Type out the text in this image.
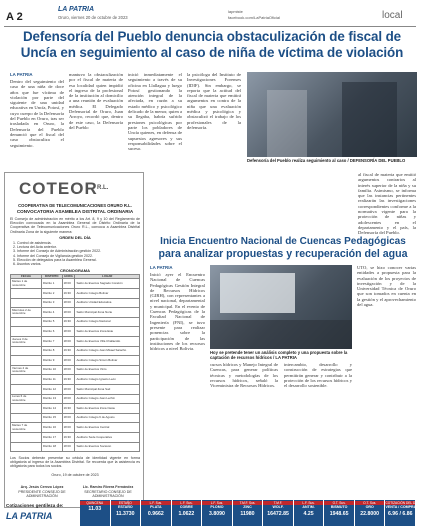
A 2
LA PATRIA
Oruro, viernes 20 de octubre de 2023
lapmiste
facebook.com/LaPatriaOficial	local
Defensoría del Pueblo denuncia obstaculización de fiscal de Uncía en seguimiento al caso de niña de víctima de violación
LA PATRIA

Dentro del seguimiento del caso de una niña de doce años que fue víctima de violación por parte del siguiente de una unidad educativa en Uncía, Potosí, y cuyo cuerpo de la Defensoría del Pueblo en Oruro, tras ser trasladada en Oruro, la Defensoría del Pueblo denunció que el fiscal del caso obstaculiza el seguimiento.

mantuvo la obstaculización por el fiscal de materia de esa localidad quien impidió el ingreso de la profesional de la institución al domicilio a una reunión de evaluación médica. El Delegado Defensorial de Oruro, Juan Arroyo, recordó que, dentro de este caso, la Defensoría del Pueblo

inició inmediatamente el seguimiento a través de su oficina en Llallagua y luego Potosí gestionando la atención integral de la afectada, en razón a su estado médico y psicológico delicado de la menor, quien a su llegaba, habría sufrido presiones psicológicas por parte los pobladores de Uncía quienes, en defensa de supuestos agresores y sus responsabilidades sobre el suceso.

la psicóloga del Instituto de Investigaciones Forenses (IDIF). Sin embargo, se reporta que la actitud del fiscal de materia que emitirá argumentos en contra de la niña que una evaluación médica y psicológica y obstaculizó el trabajo de los profesionales de la defensoría.

Defensoría del Pueblo realiza seguimiento al caso / DEFENSORÍA DEL PUEBLO

al fiscal de materia que emitió argumentos contrarios al interés superior de la niña y su familia. Asimismo, se informa que las instancias pertinentes realizarán las investigaciones correspondientes conforme a la normativa vigente para la protección de niñas y adolescentes en el departamento y el país, la Defensoría del Pueblo.

COTEOR R.L.
COOPERATIVA DE TELECOMUNICACIONES ORURO R.L.
CONVOCATORIA ASAMBLEA DISTRITAL ORDINARIA
El Consejo de administración en mérito a los Art. 8, 9 y 10 del Reglamento de Elección convocada en la Asamblea General de Distrito Ordinaria de la Cooperativa de Telecomunicaciones Oruro R.L., convoca a Asamblea Distrital Ordinaria Zona de la siguiente manera:
ORDEN DEL DÍA
1. Control de asistencia.
2. Lectura del Acta anterior.
3. Informe del Consejo de Administración gestión 2022.
4. Informe del Consejo de Vigilancia gestión 2022.
5. Elección de delegados para la Asamblea General.
6. Asuntos varios.
CRONOGRAMA
FECHA	DISTRITO	HORA	LUGAR
Martes 1 de noviembre	Distrito 1	18:00	Salón de Eventos Sagrado Corazón
	Distrito 2	19:30	Auditorio Colegio Bolívar
	Distrito 3	18:00	Auditorio Unidad Educativa
Miércoles 2 de noviembre	Distrito 4	18:00	Salón Municipal Zona Norte
	Distrito 5	19:30	Auditorio Colegio Nacional
	Distrito 6	18:00	Salón de Eventos Zona Este
Jueves 3 de noviembre	Distrito 7	18:00	Salón de Eventos Villa Challacollo
	Distrito 8	19:30	Auditorio Colegio Juan Misael Saracho
	Distrito 9	18:00	Auditorio Colegio Simón Bolívar
Viernes 4 de noviembre	Distrito 10	18:00	Salón de Eventos Vinto
	Distrito 11	19:30	Auditorio Colegio Ignacio León
	Distrito 12	18:00	Salón Municipal Zona Sud
Lunes 6 de noviembre	Distrito 13	18:00	Auditorio Colegio Juan Lechín
	Distrito 14	19:30	Salón de Eventos Zona Oeste
	Distrito 15	18:00	Auditorio Colegio 6 de Agosto
Martes 7 de noviembre	Distrito 16	18:00	Salón de Eventos Central
	Distrito 17	19:30	Auditorio Sede Cooperativa
	Distrito 18	18:00	Salón de Eventos Socavón
Los Socios deberán presentar su cédula de identidad vigente en forma obligatoria al ingreso de la Asamblea Distrital. Se recuerda que la asistencia es obligatoria para todos los socios.
Oruro, 19 de octubre de 2023
Arq. Jesús Cerezo López
PRESIDENTE CONSEJO DE ADMINISTRACIÓN
Lic. Ramiro Rivera Fernández
SECRETARIO CONSEJO DE ADMINISTRACIÓN
Inicia Encuentro Nacional de Cuencas Pedagógicas
para analizar propuestas y recuperación del agua
LA PATRIA

Inició ayer el Encuentro Nacional de Cuencas Pedagógicas Gestión Integral de Recursos Hídricos (GIRH), con representantes a nivel nacional, departamental y municipal. En el evento de Cuencas Pedagógicas de la Facultad Nacional de Ingeniería (FNI), se tuvo presente para realizar ponencias sobre la participación de las instituciones de los recursos hídricos a nivel Bolivia.

Hoy se pretende tener un análisis completo y una propuesta sobre la captación de recursos hídricos / LA PATRIA

cursos hídricos y Manejo Integral de Cuencas, para generar políticas técnicas y metodologías de los recursos hídricos, señaló la Viceministra de Recursos Hídricos.

intercambio, desarrollo y construcción de estrategias que permitirán generar y contribuir a la protección de los recursos hídricos y el desarrollo sostenible.

UTO, se hizo conocer varias entidades a propuesta para la evaluación de los proyectos de investigación y de la Universidad Técnica de Oruro que son tomados en cuenta en la gestión y el aprovechamiento del agua.

Cotizaciones gentileza de:
LA PATRIA
QUINCENA
11.03
ESTAÑO
ESTAÑO
11.3730
L.F. Sus.
PLATA
0.9662
L.F. Sus.
COBRE
1.0622
L.F. Sus.
PLOMO
3.8090
T.M.F. Sus.
ZINC
11980
T.M.F.
WOLF.
16472.85
L.F. Sus.
ANTIM.
4.25
O.T. Sus.
BISMUTO
1948.65
O.T. Sus.
ORO
22.8000
COTIZACIÓN DEL DÓLAR
VENTA / COMPRA
6.96 / 6.86
